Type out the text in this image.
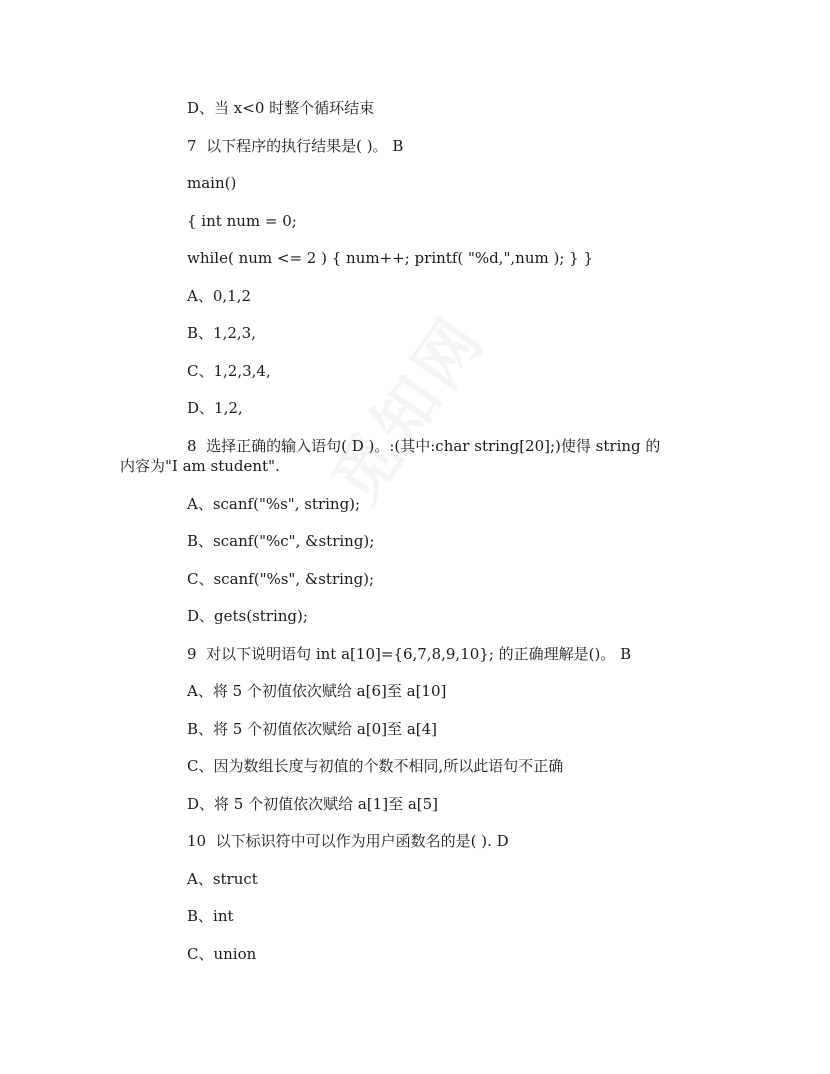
D、当 x<0 时整个循环结束
7  以下程序的执行结果是( )。 B
main()
{ int num = 0;
while( num <= 2 ) { num++; printf( "%d,",num ); } }
A、0,1,2
B、1,2,3,
C、1,2,3,4,
D、1,2,
8  选择正确的输入语句( D )。:(其中:char string[20];)使得 string 的
内容为"I am student".
A、scanf("%s", string);
B、scanf("%c", &string);
C、scanf("%s", &string);
D、gets(string);
9  对以下说明语句 int a[10]={6,7,8,9,10}; 的正确理解是()。 B
A、将 5 个初值依次赋给 a[6]至 a[10]
B、将 5 个初值依次赋给 a[0]至 a[4]
C、因为数组长度与初值的个数不相同,所以此语句不正确
D、将 5 个初值依次赋给 a[1]至 a[5]
10  以下标识符中可以作为用户函数名的是( ). D
A、struct
B、int
C、union
